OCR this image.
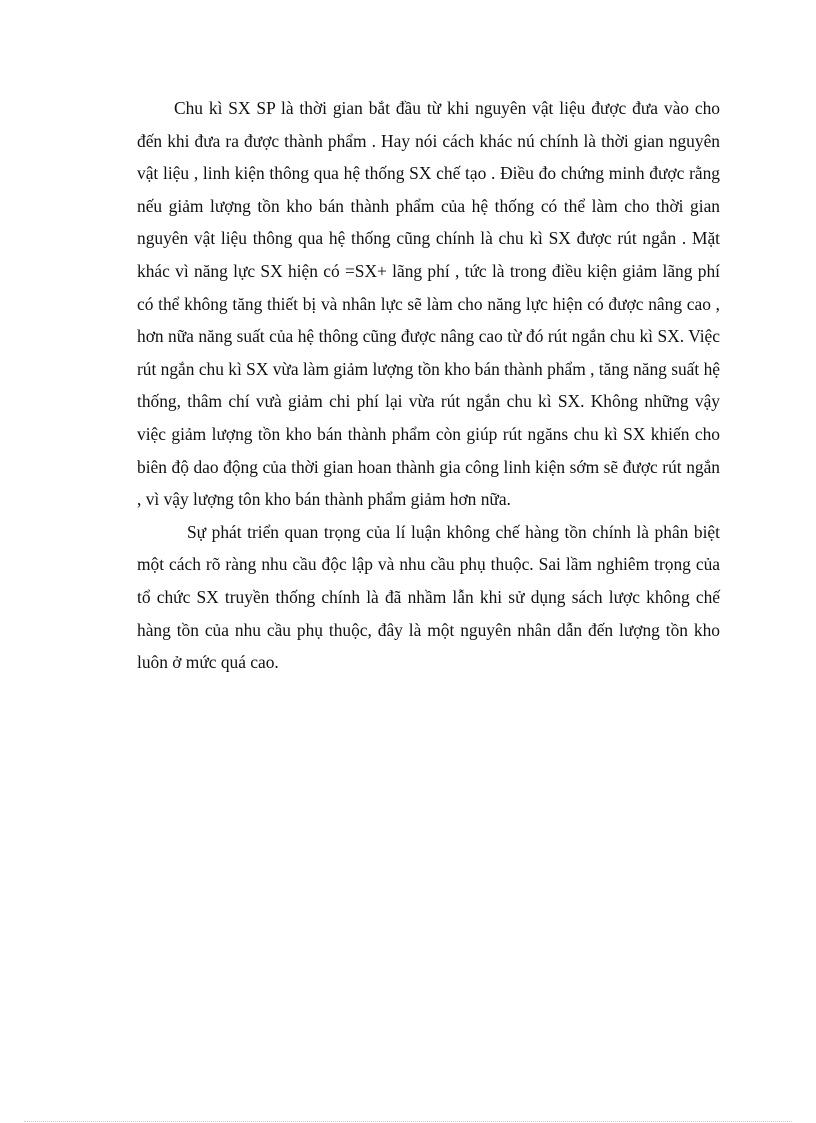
Chu kì SX SP là thời gian bắt đầu từ khi nguyên vật liệu được đưa vào cho đến khi đưa ra được thành phẩm . Hay nói cách khác nú chính là thời gian nguyên vật liệu , linh kiện thông qua hệ thống SX chế tạo . Điều đo chứng minh được rằng nếu giảm lượng tồn kho bán thành phẩm của hệ thống có thể làm cho thời gian nguyên vật liệu thông qua hệ thống cũng chính là chu kì SX được rút ngắn . Mặt khác vì năng lực SX hiện có =SX+ lãng phí , tức là trong điều kiện giảm lãng phí có thể không tăng thiết bị và nhân lực sẽ làm cho năng lực hiện có được nâng cao , hơn nữa năng suất của hệ thông cũng được nâng cao từ đó rút ngắn chu kì SX. Việc rút ngắn chu kì SX vừa làm giảm lượng tồn kho bán thành phẩm , tăng năng suất hệ thống, thâm chí vưà giảm chi phí lại vừa rút ngắn chu kì SX. Không những vậy việc giảm lượng tồn kho bán thành phẩm còn giúp rút ngăns chu kì SX khiến cho biên độ dao động của thời gian hoan thành gia công linh kiện sớm sẽ được rút ngắn , vì vậy lượng tôn kho bán thành phẩm giảm hơn nữa.

Sự phát triển quan trọng của lí luận không chế hàng tồn chính là phân biệt một cách rõ ràng nhu cầu độc lập và nhu cầu phụ thuộc. Sai lầm nghiêm trọng của tổ chức SX truyền thống chính là đã nhầm lẫn khi sử dụng sách lược không chế hàng tồn của nhu cầu phụ thuộc, đây là một nguyên nhân dẫn đến lượng tồn kho luôn ở mức quá cao.
